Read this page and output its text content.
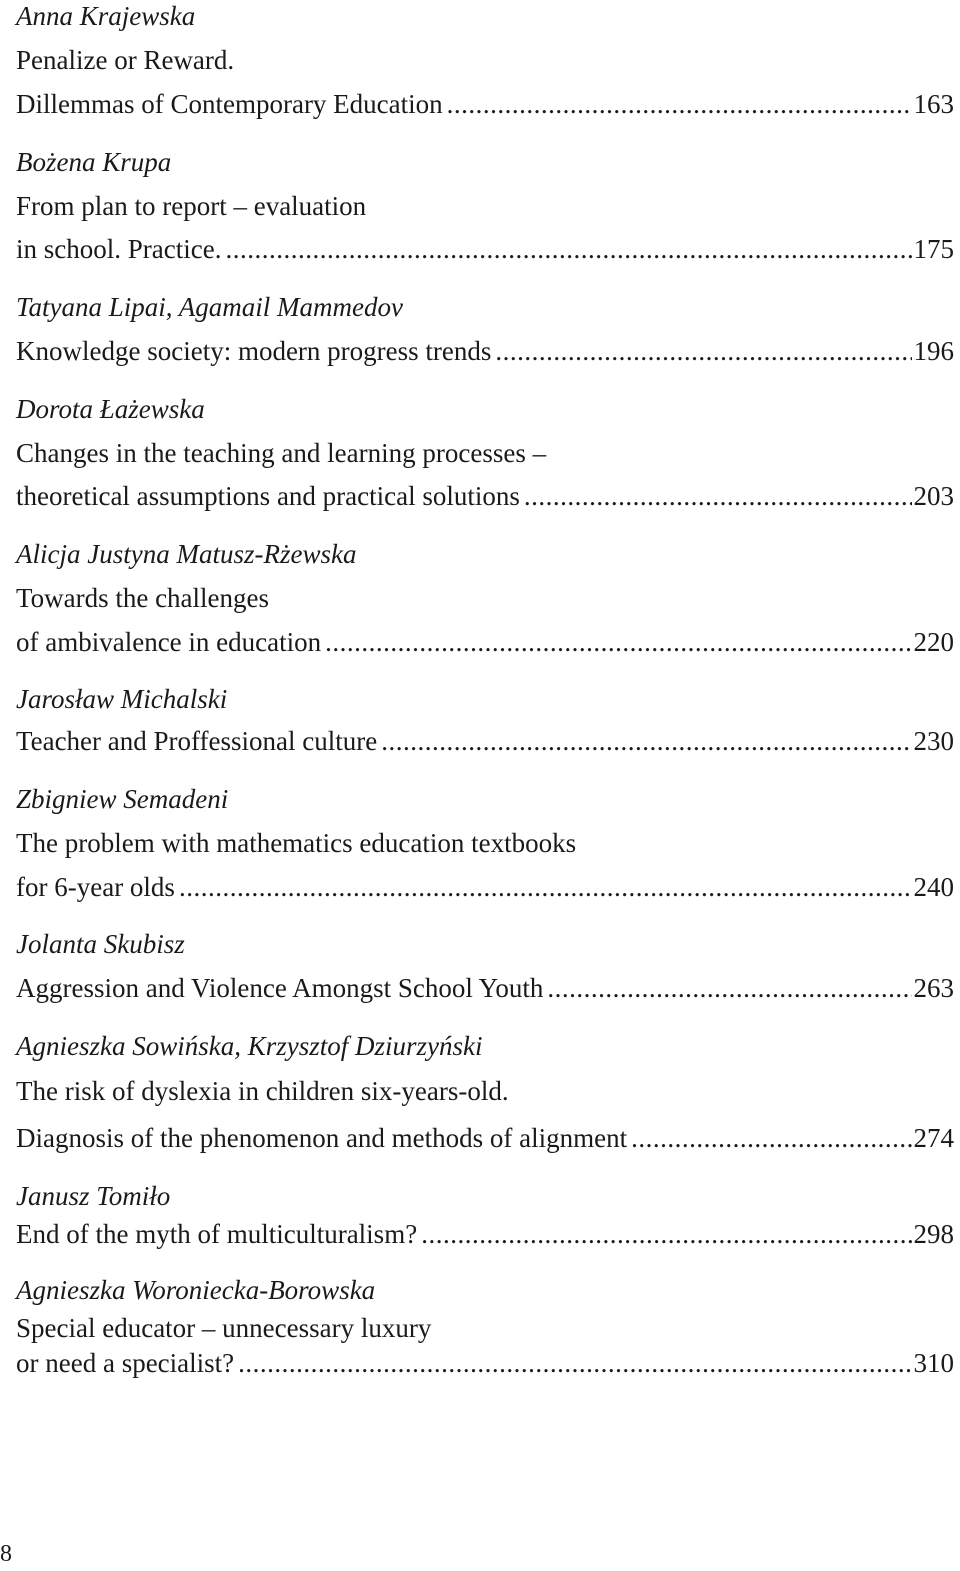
Anna Krajewska
Penalize or Reward.
Dillemmas of Contemporary Education .....	163
Bożena Krupa
From plan to report – evaluation
in school. Practice. .....	175
Tatyana Lipai, Agamail Mammedov
Knowledge society: modern progress trends .....	196
Dorota Łażewska
Changes in the teaching and learning processes –
theoretical assumptions and practical solutions .....	203
Alicja Justyna Matusz-Rżewska
Towards the challenges
of ambivalence in education .....	220
Jarosław Michalski
Teacher and Proffessional culture .....	230
Zbigniew Semadeni
The problem with mathematics education textbooks
for 6-year olds .....	240
Jolanta Skubisz
Aggression and Violence Amongst School Youth .....	263
Agnieszka Sowińska, Krzysztof Dziurzyński
The risk of dyslexia in children six-years-old.
Diagnosis of the phenomenon and methods of alignment .....	274
Janusz Tomiło
End of the myth of multiculturalism? .....	298
Agnieszka Woroniecka-Borowska
Special educator – unnecessary luxury
or need a specialist? .....	310
8
